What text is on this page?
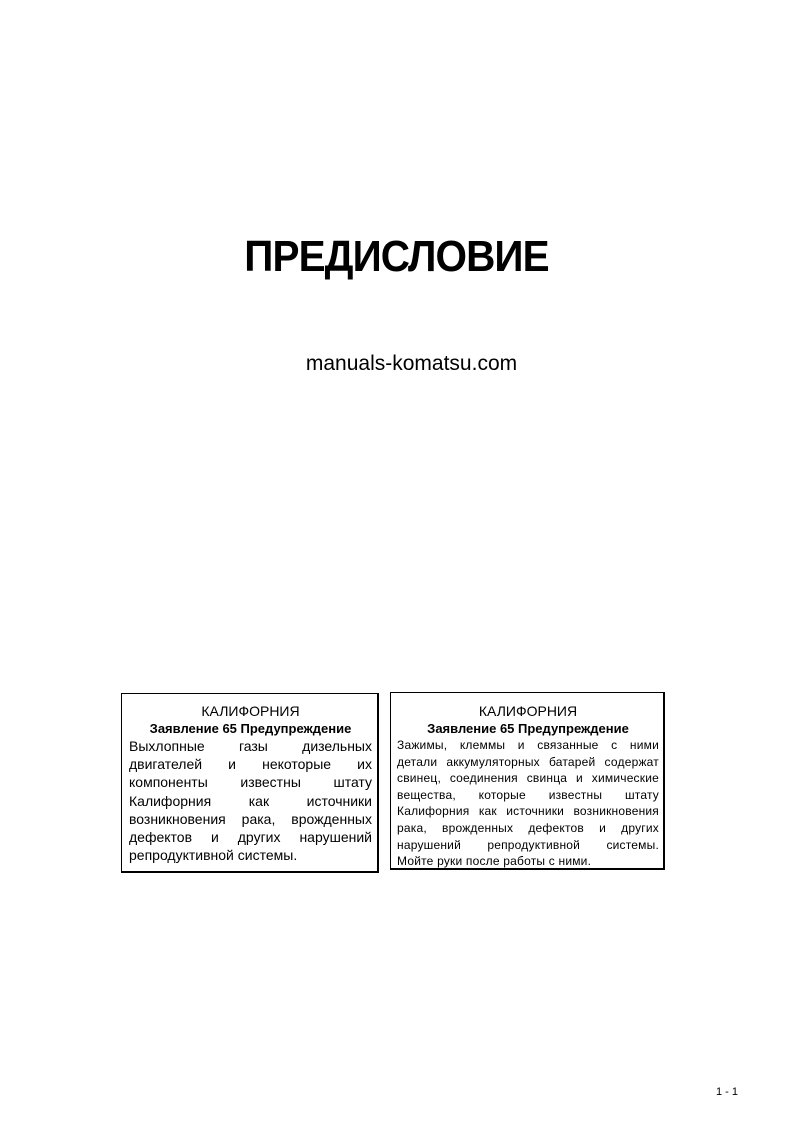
ПРЕДИСЛОВИЕ
manuals-komatsu.com
КАЛИФОРНИЯ
Заявление 65 Предупреждение
Выхлопные газы дизельных
двигателей и некоторые их
компоненты известны штату
Калифорния как источники
возникновения рака, врожденных
дефектов и других нарушений
репродуктивной системы.
КАЛИФОРНИЯ
Заявление 65 Предупреждение
Зажимы, клеммы и связанные с ними
детали аккумуляторных батарей содержат
свинец, соединения свинца и химические
вещества, которые известны штату
Калифорния как источники возникновения
рака, врожденных дефектов и других
нарушений репродуктивной системы.
Мойте руки после работы с ними.
1 - 1
